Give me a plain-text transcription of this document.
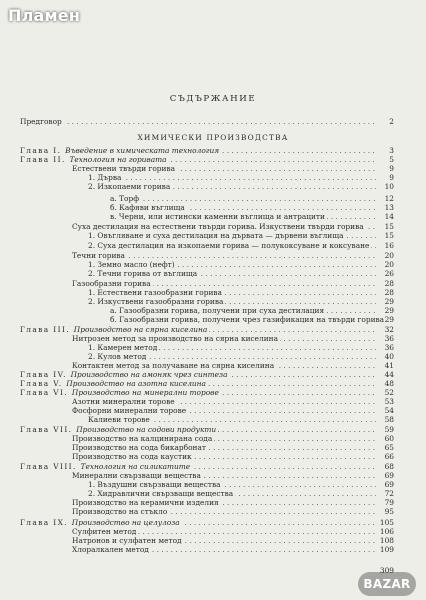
Пламен
СЪДЪРЖАНИЕ
ХИМИЧЕСКИ ПРОИЗВОДСТВА
. . .
Предговор	2
. . .
Глава I. Въведение в химическата технология	3
. . .
Глава II. Технология на горивата	5
. . .
Естествени твърди горива	9
. . .
1. Дърва	9
. . .
2. Изкопаеми горива	10
. . .
а. Торф	12
. . .
б. Кафяви въглища	13
. . .
в. Черни, или истински каменни въглища и антрацити	14
. . .
Суха дестилация на естествени твърди горива. Изкуствени твърди горива	15
. . .
1. Овъгляване и суха дестилация на дървата — дървени въглища	15
. . .
2. Суха дестилация на изкопаеми горива — полукоксуване и коксуване	16
. . .
Течни горива	20
. . .
1. Земно масло (нефт)	20
. . .
2. Течни горива от въглища	26
. . .
Газообразни горива	28
. . .
1. Естествени газообразни горива	28
. . .
2. Изкуствени газообразни горива	29
. . .
а. Газообразни горива, получени при суха дестилация	29
. . .
б. Газообразни горива, получени чрез газификация на твърди горива 29
. . .
Глава III. Производство на сярна киселина	32
. . .
Нитрозен метод за производство на сярна киселина	36
. . .
1. Камерен метод	36
. . .
2. Кулов метод	40
. . .
Контактен метод за получаване на сярна киселина	41
. . .
Глава IV. Производство на амоняк чрез синтеза	44
. . .
Глава V. Производство на азотна киселина	48
. . .
Глава VI. Производство на минерални торове	52
. . .
Азотни минерални торове	53
. . .
Фосфорни минерални торове	54
. . .
Калиеви торове	58
. . .
Глава VII. Производство на содови продукти	59
. . .
Производство на калцинирана сода	60
. . .
Производство на сода бикарбонат	65
. . .
Производство на сода каустик	66
. . .
Глава VIII. Технология на силикатите	68
. . .
Минерални свързващи вещества	69
. . .
1. Въздушни свързващи вещества	69
. . .
2. Хидравлични свързващи вещества	72
. . .
Производство на керамични изделия	79
. . .
Производство на стъкло	95
. . .
Глава IX. Производство на целулоза	105
. . .
Сулфитен метод	106
. . .
Натронов и сулфатен метод	108
. . .
Хлоралкален метод	109
309
BAZAR
